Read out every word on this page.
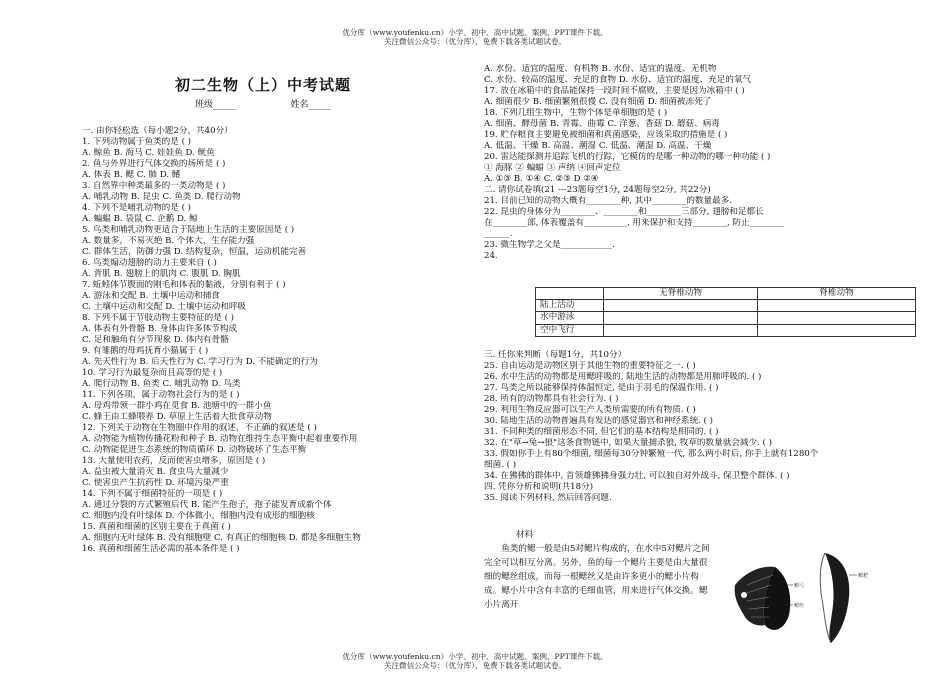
优分库（www.youfenku.cn）小学、初中、高中试题、案例、PPT课件下载。
关注微信公众号：（优分库），免费下载各类试题试卷。
初二生物（上）中考试题
班级_____	姓名_____
一. 由你轻松选（每小题2分，共40分）
1. 下列动物属于鱼类的是 ( )
A. 鲸鱼 B. 海马 C. 娃娃鱼 D. 鱿鱼
2. 鱼与外界进行气体交换的场所是 ( )
A. 体表 B. 鳃 C. 肺 D. 鳍
3. 自然界中种类最多的一类动物是 ( )
A. 哺乳动物 B. 昆虫 C. 鱼类 D. 爬行动物
4. 下列不是哺乳动物的是 ( )
A. 蝙蝠 B. 袋鼠 C. 企鹅 D. 鲸
5. 鸟类和哺乳动物更适合于陆地上生活的主要原因是 ( )
A. 数量多，不易灭绝 B. 个体大，生存能力强
C. 群体生活，防御力强 D. 结构复杂，恒温，运动机能完善
6. 鸟类煽动翅膀的动力主要来自 ( )
A. 背肌 B. 翅膀上的肌肉 C. 腹肌 D. 胸肌
7. 蚯蚓体节腹面的刚毛和体表的黏液，分别有利于 ( )
A. 游泳和交配 B. 土壤中运动和捕食
C. 土壤中运动和交配 D. 土壤中运动和呼吸
8. 下列不属于节肢动物主要特征的是 ( )
A. 体表有外骨骼 B. 身体由许多体节构成
C. 足和触角有分节现象 D. 体内有骨骼
9. 有雏鹅的母鸡抚育小猫属于 ( )
A. 先天性行为 B. 后天性行为 C. 学习行为 D. 不能确定的行为
10. 学习行为最复杂而且高等的是 ( )
A. 爬行动物 B. 鱼类 C. 哺乳动物 D. 鸟类
11. 下列各项，属于动物社会行为的是 ( )
A. 母鸡带领一群小鸡在觅食 B. 池塘中的一群小鱼
C. 蜂王由工蜂喂养 D. 草原上生活着大批食草动物
12. 下列关于动物在生物圈中作用的叙述，不正确的叙述是 ( )
A. 动物能为植物传播花粉和种子 B. 动物在维持生态平衡中起着重要作用
C. 动物能促进生态系统的物质循环 D. 动物破坏了生态平衡
13. 大量使用农药，反而使害虫增多，原因是 ( )
A. 益虫被大量消灭 B. 食虫鸟大量减少
C. 使害虫产生抗药性 D. 环境污染严重
14. 下列不属于细菌特征的一项是 ( )
A. 通过分裂的方式繁殖后代 B. 能产生孢子，孢子能发育成新个体
C. 细胞内没有叶绿体 D. 个体微小，细胞内没有成形的细胞核
15. 真菌和细菌的区别主要在于真菌 ( )
A. 细胞内无叶绿体 B. 没有细胞壁 C. 有真正的细胞核 D. 都是多细胞生物
16. 真菌和细菌生活必需的基本条件是 ( )
A. 水份、适宜的温度、有机物 B. 水份、适宜的温度、无机物
C. 水份、较高的温度、充足的食物 D. 水份、适宜的温度、充足的氧气
17. 放在冰箱中的食品能保持一段时间不腐败，主要是因为冰箱中 ( )
A. 细菌很少 B. 细菌繁殖很慢 C. 没有细菌 D. 细菌被冻死了
18. 下列几组生物中，生物个体是单细胞的是 ( )
A. 细菌、酵母菌 B. 青霉、曲霉 C. 洋葱、香菇 D. 蘑菇、病毒
19. 贮存粮食主要避免被细菌和真菌感染，应该采取的措施是 ( )
A. 低温、干燥 B. 高温、潮湿 C. 低温、潮湿 D. 高温、干燥
20. 雷达能探测并追踪飞机的行踪，它模仿的是哪一种动物的哪一种功能 ( )
① 海豚 ② 蝙蝠 ③ 声纳 ④回声定位
A. ①③ B. ①④ C. ②③ D ②④
二. 请你试卷填(21 ---23题每空1分, 24题每空2分, 共22分)
21. 目前已知的动物大概有________种, 其中________的数量最多.
22. 昆虫的身体分为________、________和________三部分, 翅膀和足都长
在________部, 体表覆盖有__________, 用来保护和支持________, 防止________
______.
23. 微生物学之父是____________.
24.
	无脊椎动物	脊椎动物
陆上活动		
水中游泳		
空中飞行		
三. 任你来判断（每题1分，共10分）
25. 自由运动是动物区别于其他生物的重要特征之一. ( )
26. 水中生活的动物都是用鳃呼吸的, 陆地生活的动物都是用肺呼吸的. ( )
27. 鸟类之所以能够保持体温恒定, 是由于羽毛的保温作用. ( )
28. 所有的动物都具有社会行为. ( )
29. 利用生物反应器可以生产人类所需要的所有物质. ( )
30. 陆地生活的动物普遍具有发达的感觉器官和神经系统. ( )
31. 不同种类的细菌形态不同, 但它们的基本结构是相同的. ( )
32. 在"草→兔→狼"这条食物链中, 如果大量捕杀狼, 牧草的数量就会减少. ( )
33. 假如你手上有80个细菌, 细菌每30分钟繁殖一代, 那么两小时后, 你手上就有1280个
细菌. ( )
34. 在狒狒的群体中, 首领雄狒狒身强力壮, 可以独自对外战斗, 保卫整个群体. ( )
四. 凭你分析和说明(共18分)
35. 阅读下列材料, 然后回答问题.
材料
鱼类的鳃一般是由5对鳃片构成的，在水中5对鳃片之间完全可以相互分离。另外，鱼的每一个鳃片主要是由大量很细的鳃丝组成，而每一根鳃丝又是由许多更小的鳃小片构成。鳃小片中含有丰富的毛细血管，用来进行气体交换。鳃小片离开
鳃弓
鳃丝
鳃耙
优分库（www.youfenku.cn）小学、初中、高中试题、案例、PPT课件下载。
关注微信公众号：（优分库），免费下载各类试题试卷。
